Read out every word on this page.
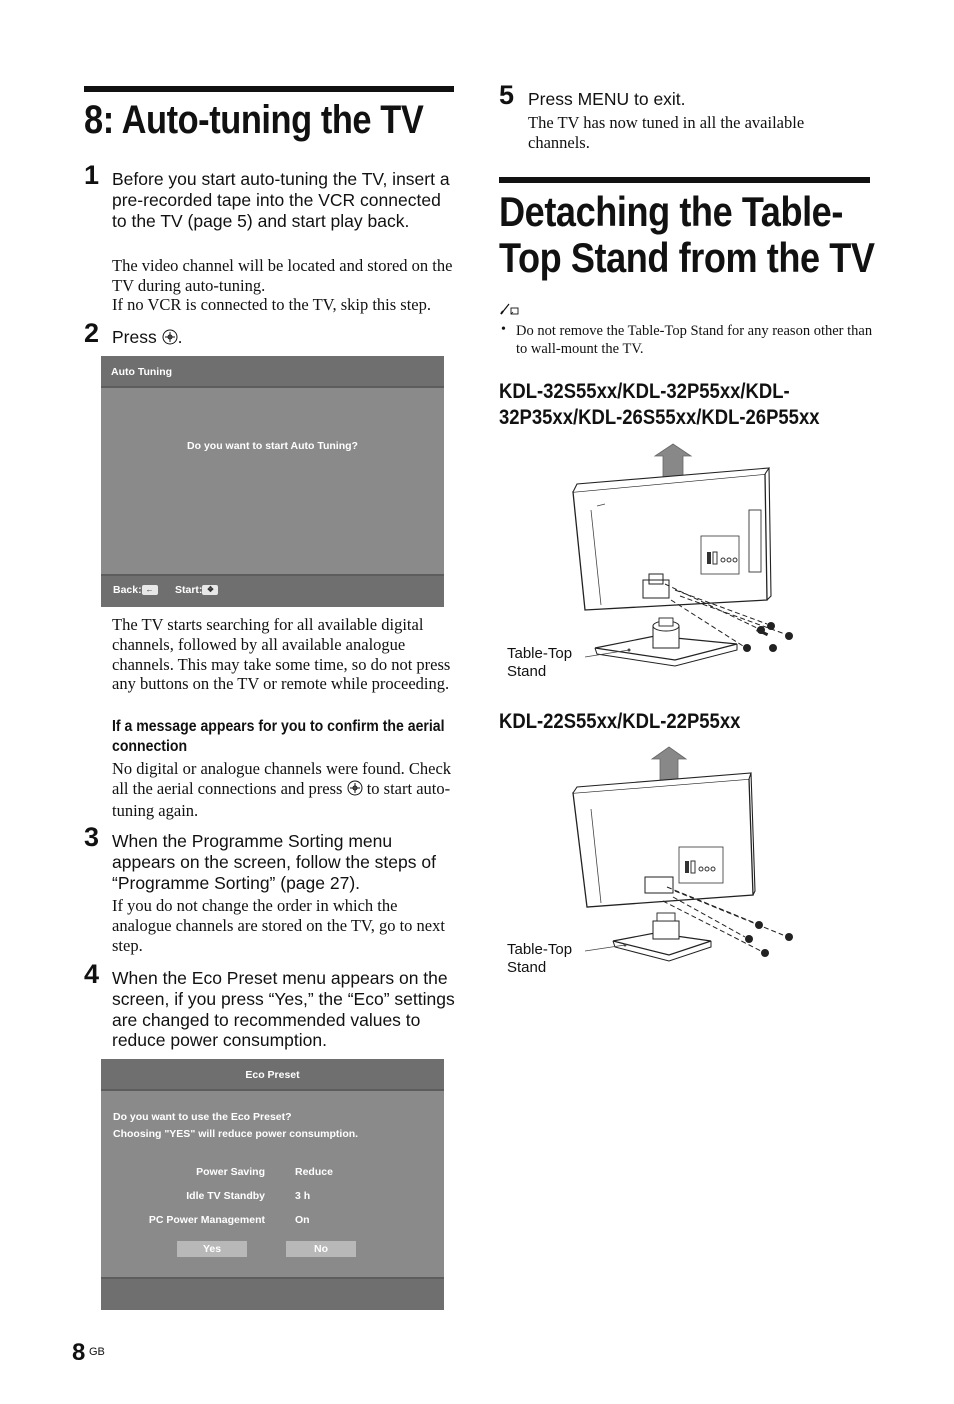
8: Auto-tuning the TV
1 Before you start auto-tuning the TV, insert a pre-recorded tape into the VCR connected to the TV (page 5) and start play back.
The video channel will be located and stored on the TV during auto-tuning.
If no VCR is connected to the TV, skip this step.
2 Press .
Auto Tuning
Do you want to start Auto Tuning?
Back: ←	Start: ❖
The TV starts searching for all available digital channels, followed by all available analogue channels. This may take some time, so do not press any buttons on the TV or remote while proceeding.
If a message appears for you to confirm the aerial connection
No digital or analogue channels were found. Check all the aerial connections and press to start auto-tuning again.
3 When the Programme Sorting menu appears on the screen, follow the steps of “Programme Sorting” (page 27).
If you do not change the order in which the analogue channels are stored on the TV, go to next step.
4 When the Eco Preset menu appears on the screen, if you press “Yes,” the “Eco” settings are changed to recommended values to reduce power consumption.
Eco Preset
Do you want to use the Eco Preset?
Choosing "YES" will reduce power consumption.
Power Saving	Reduce
Idle TV Standby	3 h
PC Power Management	On
Yes	No
8 GB
5 Press MENU to exit.
The TV has now tuned in all the available channels.
Detaching the Table-
Top Stand from the TV
• Do not remove the Table-Top Stand for any reason other than to wall-mount the TV.
KDL-32S55xx/KDL-32P55xx/KDL-
32P35xx/KDL-26S55xx/KDL-26P55xx
Table-Top
Stand
KDL-22S55xx/KDL-22P55xx
Table-Top
Stand
